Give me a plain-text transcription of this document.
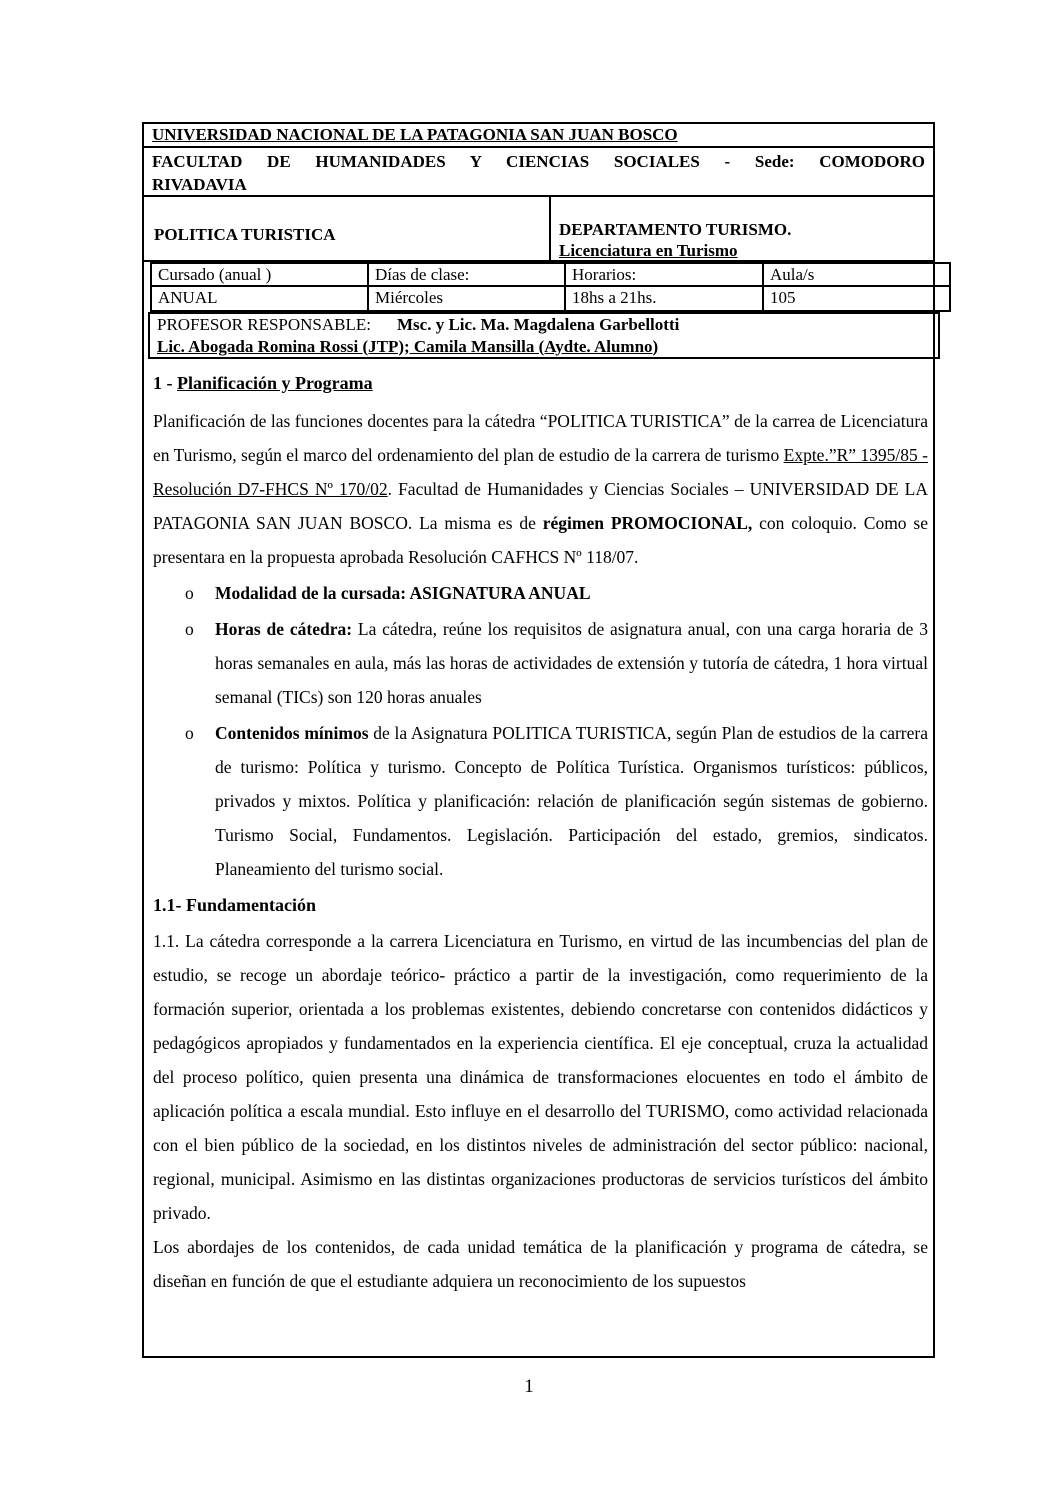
UNIVERSIDAD NACIONAL DE LA PATAGONIA SAN JUAN BOSCO
FACULTAD DE HUMANIDADES Y CIENCIAS SOCIALES - Sede: COMODORO
RIVADAVIA
POLITICA TURISTICA	DEPARTAMENTO TURISMO.
Licenciatura en Turismo
Cursado (anual )	Días de clase:	Horarios:	Aula/s
ANUAL	Miércoles	18hs a 21hs.	105
PROFESOR RESPONSABLE: Msc. y Lic. Ma. Magdalena Garbellotti
Lic. Abogada Romina Rossi (JTP); Camila Mansilla (Aydte. Alumno)
1 - Planificación y Programa
Planificación de las funciones docentes para la cátedra “POLITICA TURISTICA” de la carrea de Licenciatura en Turismo, según el marco del ordenamiento del plan de estudio de la carrera de turismo Expte.”R” 1395/85 - Resolución D7-FHCS Nº 170/02. Facultad de Humanidades y Ciencias Sociales – UNIVERSIDAD DE LA PATAGONIA SAN JUAN BOSCO. La misma es de régimen PROMOCIONAL, con coloquio. Como se presentara en la propuesta aprobada Resolución CAFHCS Nº 118/07.
o	Modalidad de la cursada: ASIGNATURA ANUAL
o	Horas de cátedra: La cátedra, reúne los requisitos de asignatura anual, con una carga horaria de 3 horas semanales en aula, más las horas de actividades de extensión y tutoría de cátedra, 1 hora virtual semanal (TICs) son 120 horas anuales
o	Contenidos mínimos de la Asignatura POLITICA TURISTICA, según Plan de estudios de la carrera de turismo: Política y turismo. Concepto de Política Turística. Organismos turísticos: públicos, privados y mixtos. Política y planificación: relación de planificación según sistemas de gobierno. Turismo Social, Fundamentos. Legislación. Participación del estado, gremios, sindicatos. Planeamiento del turismo social.
1.1- Fundamentación
1.1. La cátedra corresponde a la carrera Licenciatura en Turismo, en virtud de las incumbencias del plan de estudio, se recoge un abordaje teórico- práctico a partir de la investigación, como requerimiento de la formación superior, orientada a los problemas existentes, debiendo concretarse con contenidos didácticos y pedagógicos apropiados y fundamentados en la experiencia científica. El eje conceptual, cruza la actualidad del proceso político, quien presenta una dinámica de transformaciones elocuentes en todo el ámbito de aplicación política a escala mundial. Esto influye en el desarrollo del TURISMO, como actividad relacionada con el bien público de la sociedad, en los distintos niveles de administración del sector público: nacional, regional, municipal. Asimismo en las distintas organizaciones productoras de servicios turísticos del ámbito privado.
Los abordajes de los contenidos, de cada unidad temática de la planificación y programa de cátedra, se diseñan en función de que el estudiante adquiera un reconocimiento de los supuestos
1
